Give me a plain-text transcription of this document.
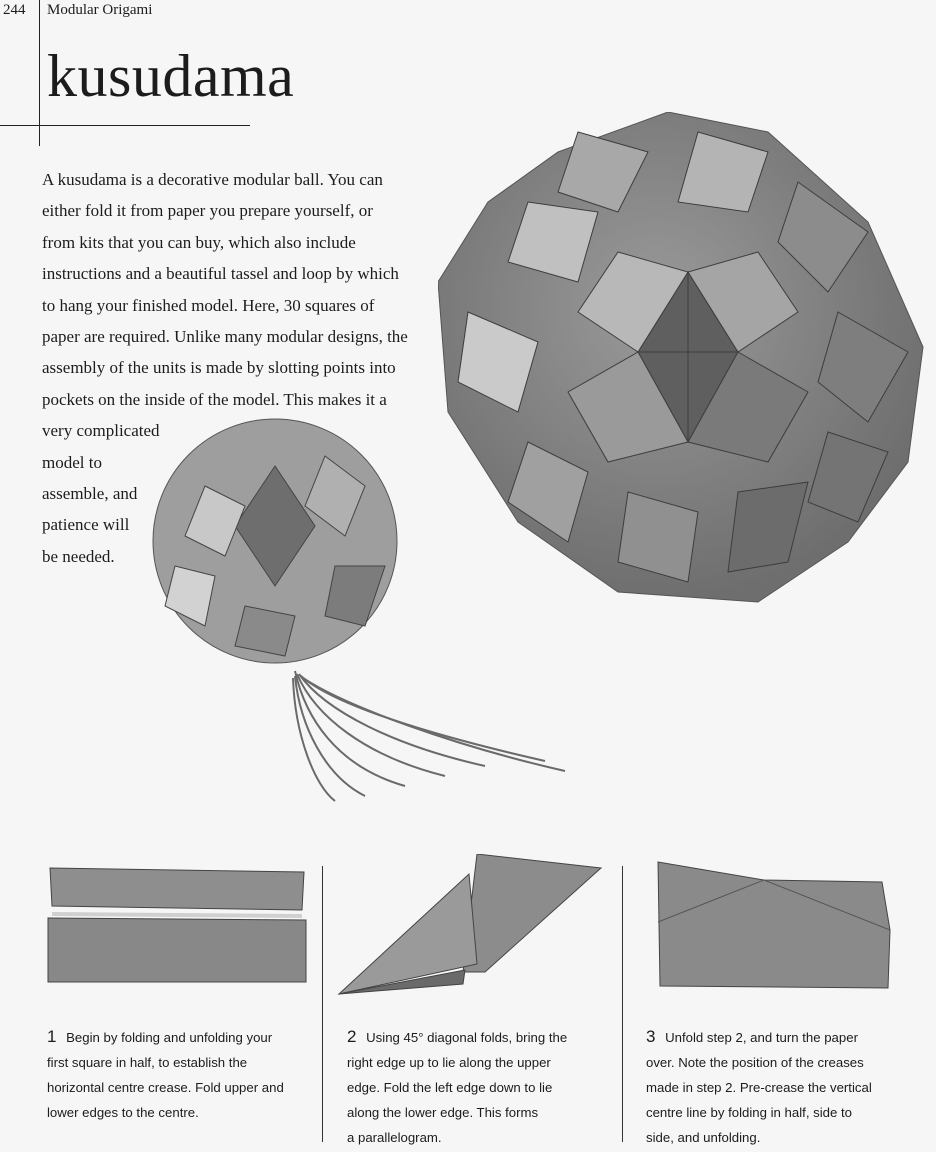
244 Modular Origami
kusudama
A kusudama is a decorative modular ball. You can
either fold it from paper you prepare yourself, or
from kits that you can buy, which also include
instructions and a beautiful tassel and loop by which
to hang your finished model. Here, 30 squares of
paper are required. Unlike many modular designs, the
assembly of the units is made by slotting points into
pockets on the inside of the model. This makes it a
very complicated
model to
assemble, and
patience will
be needed.
1 Begin by folding and unfolding your
first square in half, to establish the
horizontal centre crease. Fold upper and
lower edges to the centre.
2 Using 45° diagonal folds, bring the
right edge up to lie along the upper
edge. Fold the left edge down to lie
along the lower edge. This forms
a parallelogram.
3 Unfold step 2, and turn the paper
over. Note the position of the creases
made in step 2. Pre-crease the vertical
centre line by folding in half, side to
side, and unfolding.
